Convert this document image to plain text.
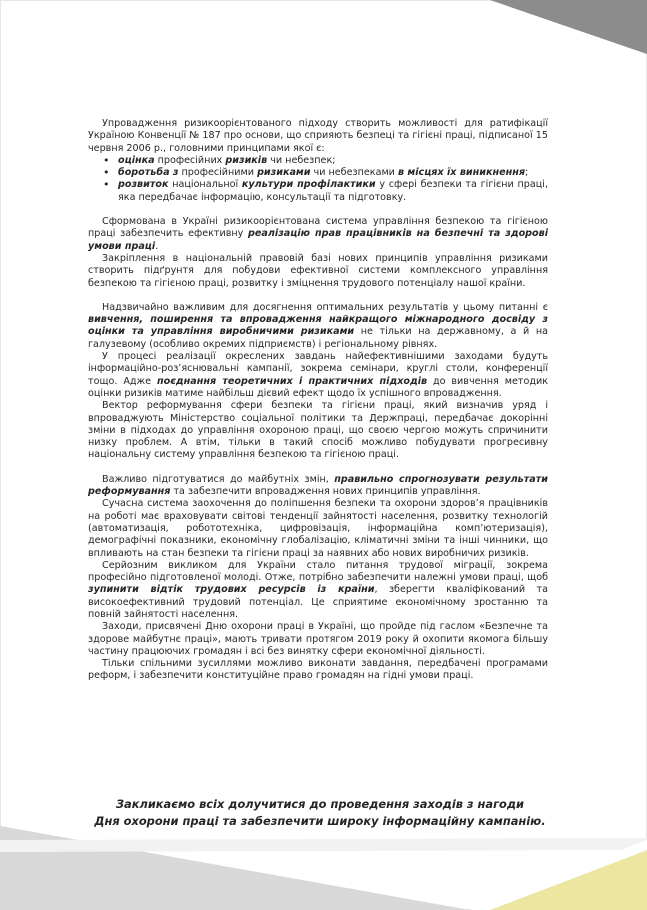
Упровадження ризикоорієнтованого підходу створить можливості для ратифікації Україною Конвенції № 187 про основи, що сприяють безпеці та гігієні праці, підписаної 15 червня 2006 р., головними принципами якої є:

• оцінка професійних ризиків чи небезпек;
• боротьба з професійними ризиками чи небезпеками в місцях їх виникнення;
• розвиток національної культури профілактики у сфері безпеки та гігієни праці, яка передбачає інформацію, консультації та підготовку.

Сформована в Україні ризикоорієнтована система управління безпекою та гігієною праці забезпечить ефективну реалізацію прав працівників на безпечні та здорові умови праці.

Закріплення в національній правовій базі нових принципів управління ризиками створить підґрунтя для побудови ефективної системи комплексного управління безпекою та гігієною праці, розвитку і зміцнення трудового потенціалу нашої країни.

Надзвичайно важливим для досягнення оптимальних результатів у цьому питанні є вивчення, поширення та впровадження найкращого міжнародного досвіду з оцінки та управління виробничими ризиками не тільки на державному, а й на галузевому (особливо окремих підприємств) і регіональному рівнях.

У процесі реалізації окреслених завдань найефективнішими заходами будуть інформаційно-роз’яснювальні кампанії, зокрема семінари, круглі столи, конференції тощо. Адже поєднання теоретичних і практичних підходів до вивчення методик оцінки ризиків матиме найбільш дієвий ефект щодо їх успішного впровадження.

Вектор реформування сфери безпеки та гігієни праці, який визначив уряд і впроваджують Міністерство соціальної політики та Держпраці, передбачає докорінні зміни в підходах до управління охороною праці, що своєю чергою можуть спричинити низку проблем. А втім, тільки в такий спосіб можливо побудувати прогресивну національну систему управління безпекою та гігієною праці.

Важливо підготуватися до майбутніх змін, правильно спрогнозувати результати реформування та забезпечити впровадження нових принципів управління.

Сучасна система заохочення до поліпшення безпеки та охорони здоров’я працівників на роботі має враховувати світові тенденції зайнятості населення, розвитку технологій (автоматизація, робототехніка, цифровізація, інформаційна комп’ютеризація), демографічні показники, економічну глобалізацію, кліматичні зміни та інші чинники, що впливають на стан безпеки та гігієни праці за наявних або нових виробничих ризиків.

Серйозним викликом для України стало питання трудової міграції, зокрема професійно підготовленої молоді. Отже, потрібно забезпечити належні умови праці, щоб зупинити відтік трудових ресурсів із країни, зберегти кваліфікований та високоефективний трудовий потенціал. Це сприятиме економічному зростанню та повній зайнятості населення.

Заходи, присвячені Дню охорони праці в Україні, що пройде під гаслом «Безпечне та здорове майбутнє праці», мають тривати протягом 2019 року й охопити якомога більшу частину працюючих громадян і всі без винятку сфери економічної діяльності.

Тільки спільними зусиллями можливо виконати завдання, передбачені програмами реформ, і забезпечити конституційне право громадян на гідні умови праці.

Закликаємо всіх долучитися до проведення заходів з нагоди
Дня охорони праці та забезпечити широку інформаційну кампанію.
